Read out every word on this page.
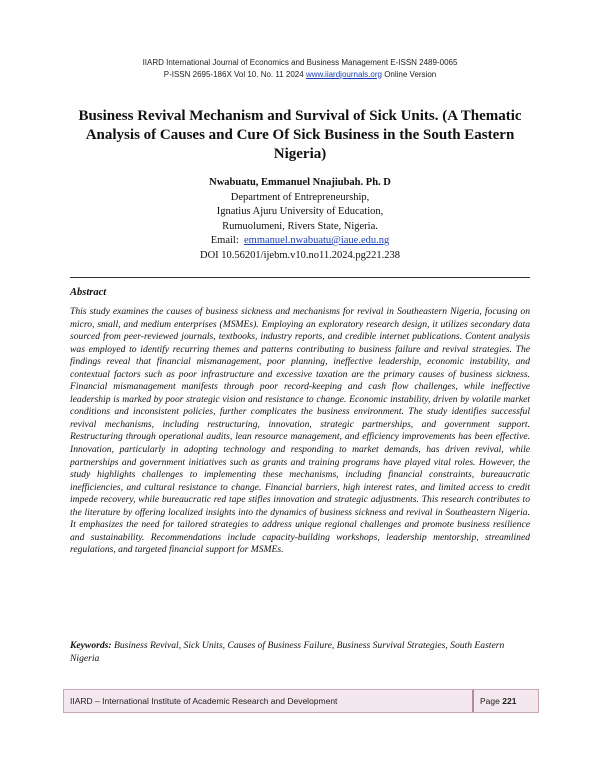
IIARD International Journal of Economics and Business Management E-ISSN 2489-0065
P-ISSN 2695-186X Vol 10. No. 11 2024 www.iiardjournals.org Online Version
Business Revival Mechanism and Survival of Sick Units. (A Thematic Analysis of Causes and Cure Of Sick Business in the South Eastern Nigeria)
Nwabuatu, Emmanuel Nnajiubah. Ph. D
Department of Entrepreneurship,
Ignatius Ajuru University of Education,
Rumuolumeni, Rivers State, Nigeria.
Email: emmanuel.nwabuatu@iaue.edu.ng
DOI 10.56201/ijebm.v10.no11.2024.pg221.238
Abstract

This study examines the causes of business sickness and mechanisms for revival in Southeastern Nigeria, focusing on micro, small, and medium enterprises (MSMEs). Employing an exploratory research design, it utilizes secondary data sourced from peer-reviewed journals, textbooks, industry reports, and credible internet publications. Content analysis was employed to identify recurring themes and patterns contributing to business failure and revival strategies. The findings reveal that financial mismanagement, poor planning, ineffective leadership, economic instability, and contextual factors such as poor infrastructure and excessive taxation are the primary causes of business sickness. Financial mismanagement manifests through poor record-keeping and cash flow challenges, while ineffective leadership is marked by poor strategic vision and resistance to change. Economic instability, driven by volatile market conditions and inconsistent policies, further complicates the business environment. The study identifies successful revival mechanisms, including restructuring, innovation, strategic partnerships, and government support. Restructuring through operational audits, lean resource management, and efficiency improvements has been effective. Innovation, particularly in adopting technology and responding to market demands, has driven revival, while partnerships and government initiatives such as grants and training programs have played vital roles. However, the study highlights challenges to implementing these mechanisms, including financial constraints, bureaucratic inefficiencies, and cultural resistance to change. Financial barriers, high interest rates, and limited access to credit impede recovery, while bureaucratic red tape stifles innovation and strategic adjustments. This research contributes to the literature by offering localized insights into the dynamics of business sickness and revival in Southeastern Nigeria. It emphasizes the need for tailored strategies to address unique regional challenges and promote business resilience and sustainability. Recommendations include capacity-building workshops, leadership mentorship, streamlined regulations, and targeted financial support for MSMEs.

Keywords: Business Revival, Sick Units, Causes of Business Failure, Business Survival Strategies, South Eastern Nigeria

IIARD – International Institute of Academic Research and Development	Page 221
